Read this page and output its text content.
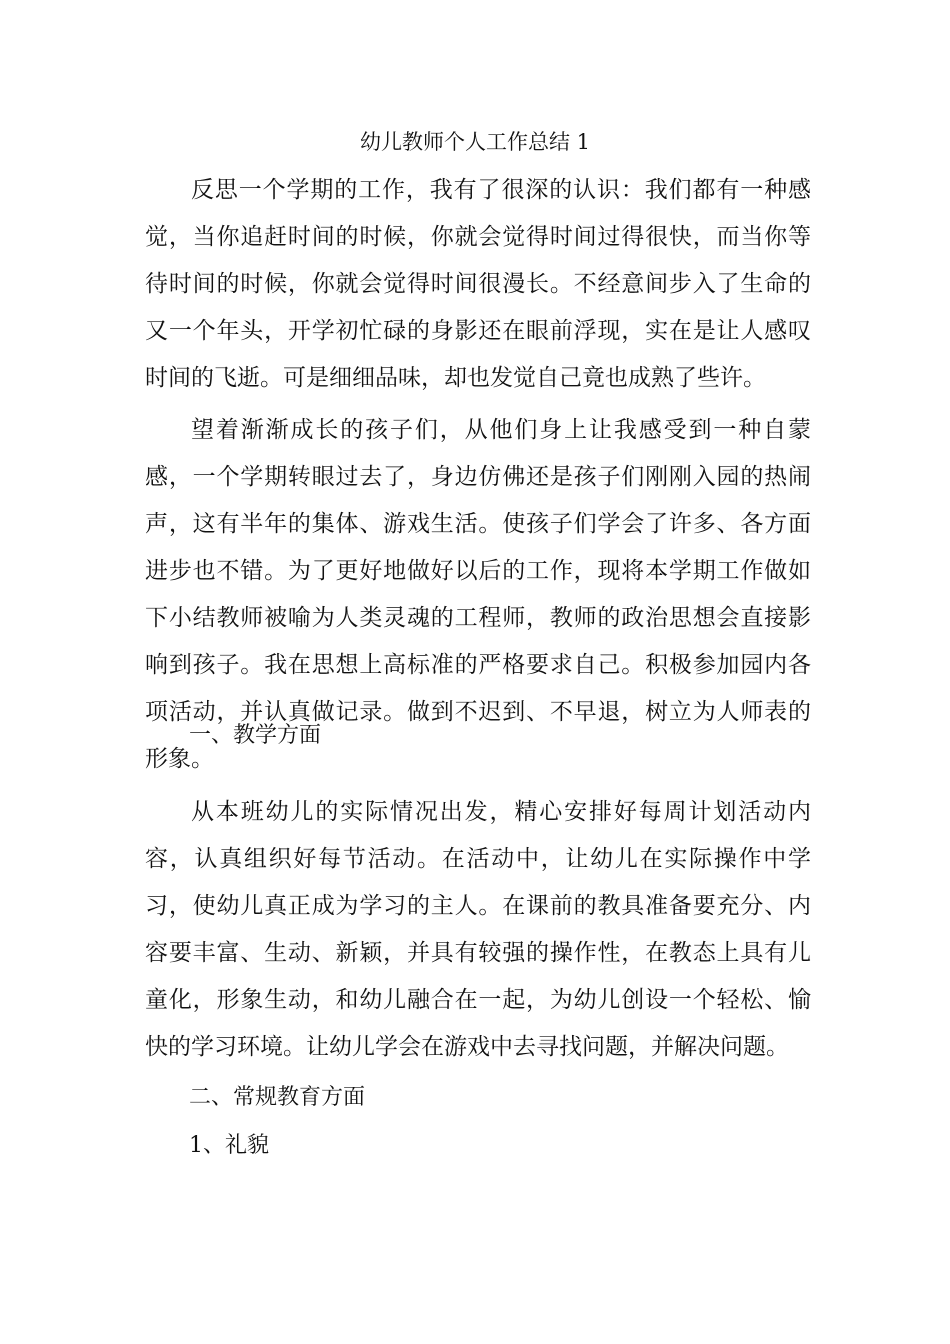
幼儿教师个人工作总结 1

反思一个学期的工作，我有了很深的认识：我们都有一种感觉，当你追赶时间的时候，你就会觉得时间过得很快，而当你等待时间的时候，你就会觉得时间很漫长。不经意间步入了生命的又一个年头，开学初忙碌的身影还在眼前浮现，实在是让人感叹时间的飞逝。可是细细品味，却也发觉自己竟也成熟了些许。

望着渐渐成长的孩子们，从他们身上让我感受到一种自蒙感，一个学期转眼过去了，身边仿佛还是孩子们刚刚入园的热闹声，这有半年的集体、游戏生活。使孩子们学会了许多、各方面进步也不错。为了更好地做好以后的工作，现将本学期工作做如下小结教师被喻为人类灵魂的工程师，教师的政治思想会直接影响到孩子。我在思想上高标准的严格要求自己。积极参加园内各项活动，并认真做记录。做到不迟到、不早退，树立为人师表的形象。

一、教学方面

从本班幼儿的实际情况出发，精心安排好每周计划活动内容，认真组织好每节活动。在活动中，让幼儿在实际操作中学习，使幼儿真正成为学习的主人。在课前的教具准备要充分、内容要丰富、生动、新颖，并具有较强的操作性，在教态上具有儿童化，形象生动，和幼儿融合在一起，为幼儿创设一个轻松、愉快的学习环境。让幼儿学会在游戏中去寻找问题，并解决问题。

二、常规教育方面

1、礼貌
